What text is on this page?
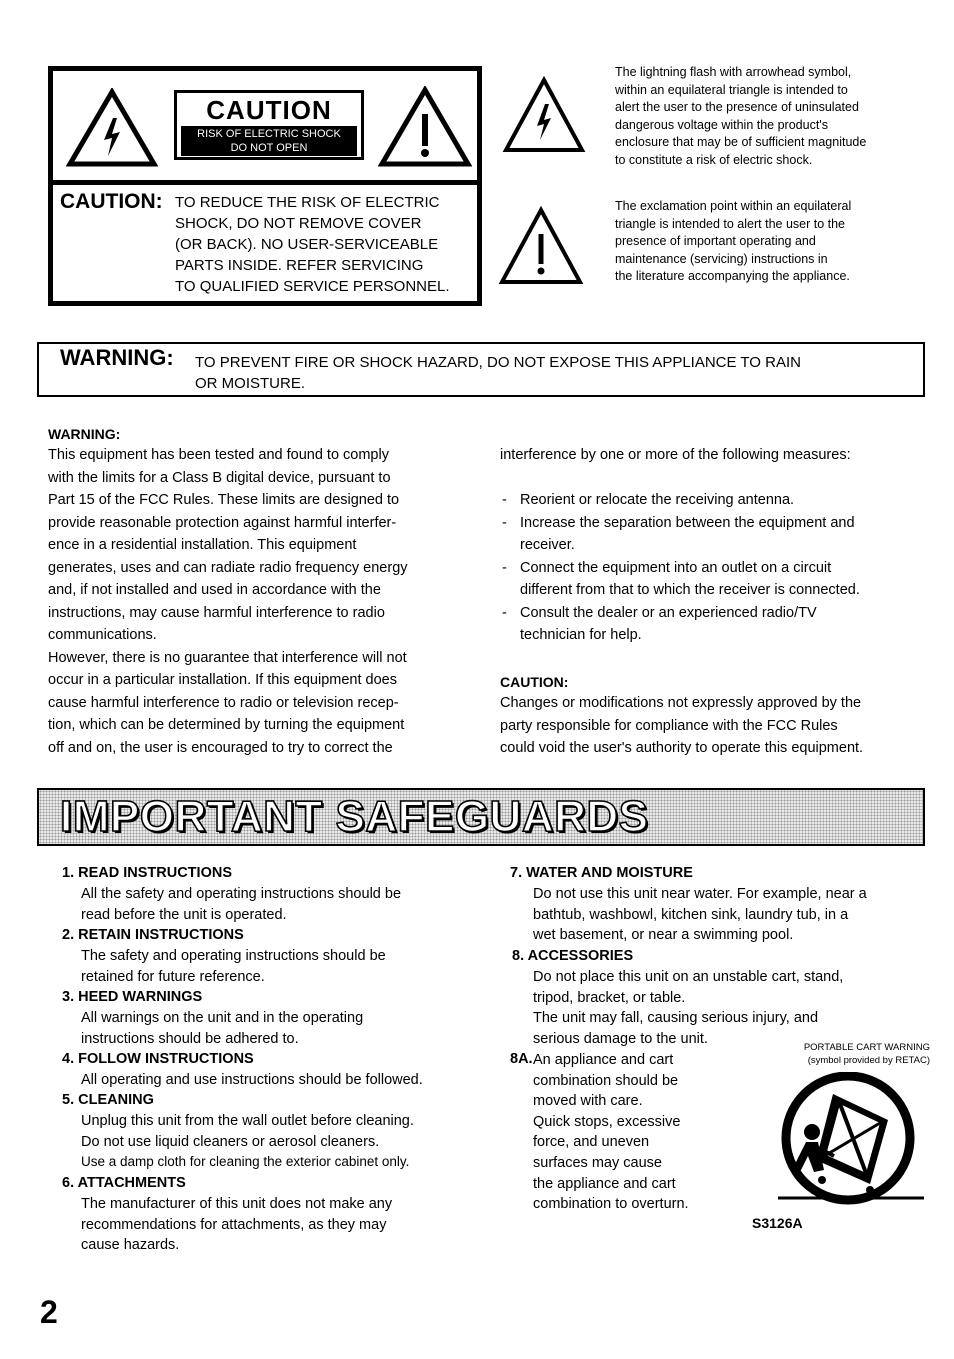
CAUTION
RISK OF ELECTRIC SHOCK
DO NOT OPEN
CAUTION: TO REDUCE THE RISK OF ELECTRIC
SHOCK, DO NOT REMOVE COVER
(OR BACK). NO USER-SERVICEABLE
PARTS INSIDE. REFER SERVICING
TO QUALIFIED SERVICE PERSONNEL.
The lightning flash with arrowhead symbol,
within an equilateral triangle is intended to
alert the user to the presence of uninsulated
dangerous voltage within the product's
enclosure that may be of sufficient magnitude
to constitute a risk of electric shock.
The exclamation point within an equilateral
triangle is intended to alert the user to the
presence of important operating and
maintenance (servicing) instructions in
the literature accompanying the appliance.
WARNING: TO PREVENT FIRE OR SHOCK HAZARD, DO NOT EXPOSE THIS APPLIANCE TO RAIN
OR MOISTURE.
WARNING:
This equipment has been tested and found to comply
with the limits for a Class B digital device, pursuant to
Part 15 of the FCC Rules. These limits are designed to
provide reasonable protection against harmful interfer-
ence in a residential installation. This equipment
generates, uses and can radiate radio frequency energy
and, if not installed and used in accordance with the
instructions, may cause harmful interference to radio
communications.
However, there is no guarantee that interference will not
occur in a particular installation. If this equipment does
cause harmful interference to radio or television recep-
tion, which can be determined by turning the equipment
off and on, the user is encouraged to try to correct the
interference by one or more of the following measures:
- Reorient or relocate the receiving antenna.
- Increase the separation between the equipment and
receiver.
- Connect the equipment into an outlet on a circuit
different from that to which the receiver is connected.
- Consult the dealer or an experienced radio/TV
technician for help.
CAUTION:
Changes or modifications not expressly approved by the
party responsible for compliance with the FCC Rules
could void the user's authority to operate this equipment.
IMPORTANT SAFEGUARDS
1. READ INSTRUCTIONS
All the safety and operating instructions should be
read before the unit is operated.
2. RETAIN INSTRUCTIONS
The safety and operating instructions should be
retained for future reference.
3. HEED WARNINGS
All warnings on the unit and in the operating
instructions should be adhered to.
4. FOLLOW INSTRUCTIONS
All operating and use instructions should be followed.
5. CLEANING
Unplug this unit from the wall outlet before cleaning.
Do not use liquid cleaners or aerosol cleaners.
Use a damp cloth for cleaning the exterior cabinet only.
6. ATTACHMENTS
The manufacturer of this unit does not make any
recommendations for attachments, as they may
cause hazards.
7. WATER AND MOISTURE
Do not use this unit near water. For example, near a
bathtub, washbowl, kitchen sink, laundry tub, in a
wet basement, or near a swimming pool.
8. ACCESSORIES
Do not place this unit on an unstable cart, stand,
tripod, bracket, or table.
The unit may fall, causing serious injury, and
serious damage to the unit.
8A. An appliance and cart
combination should be
moved with care.
Quick stops, excessive
force, and uneven
surfaces may cause
the appliance and cart
combination to overturn.
PORTABLE CART WARNING
(symbol provided by RETAC)
S3126A
2
